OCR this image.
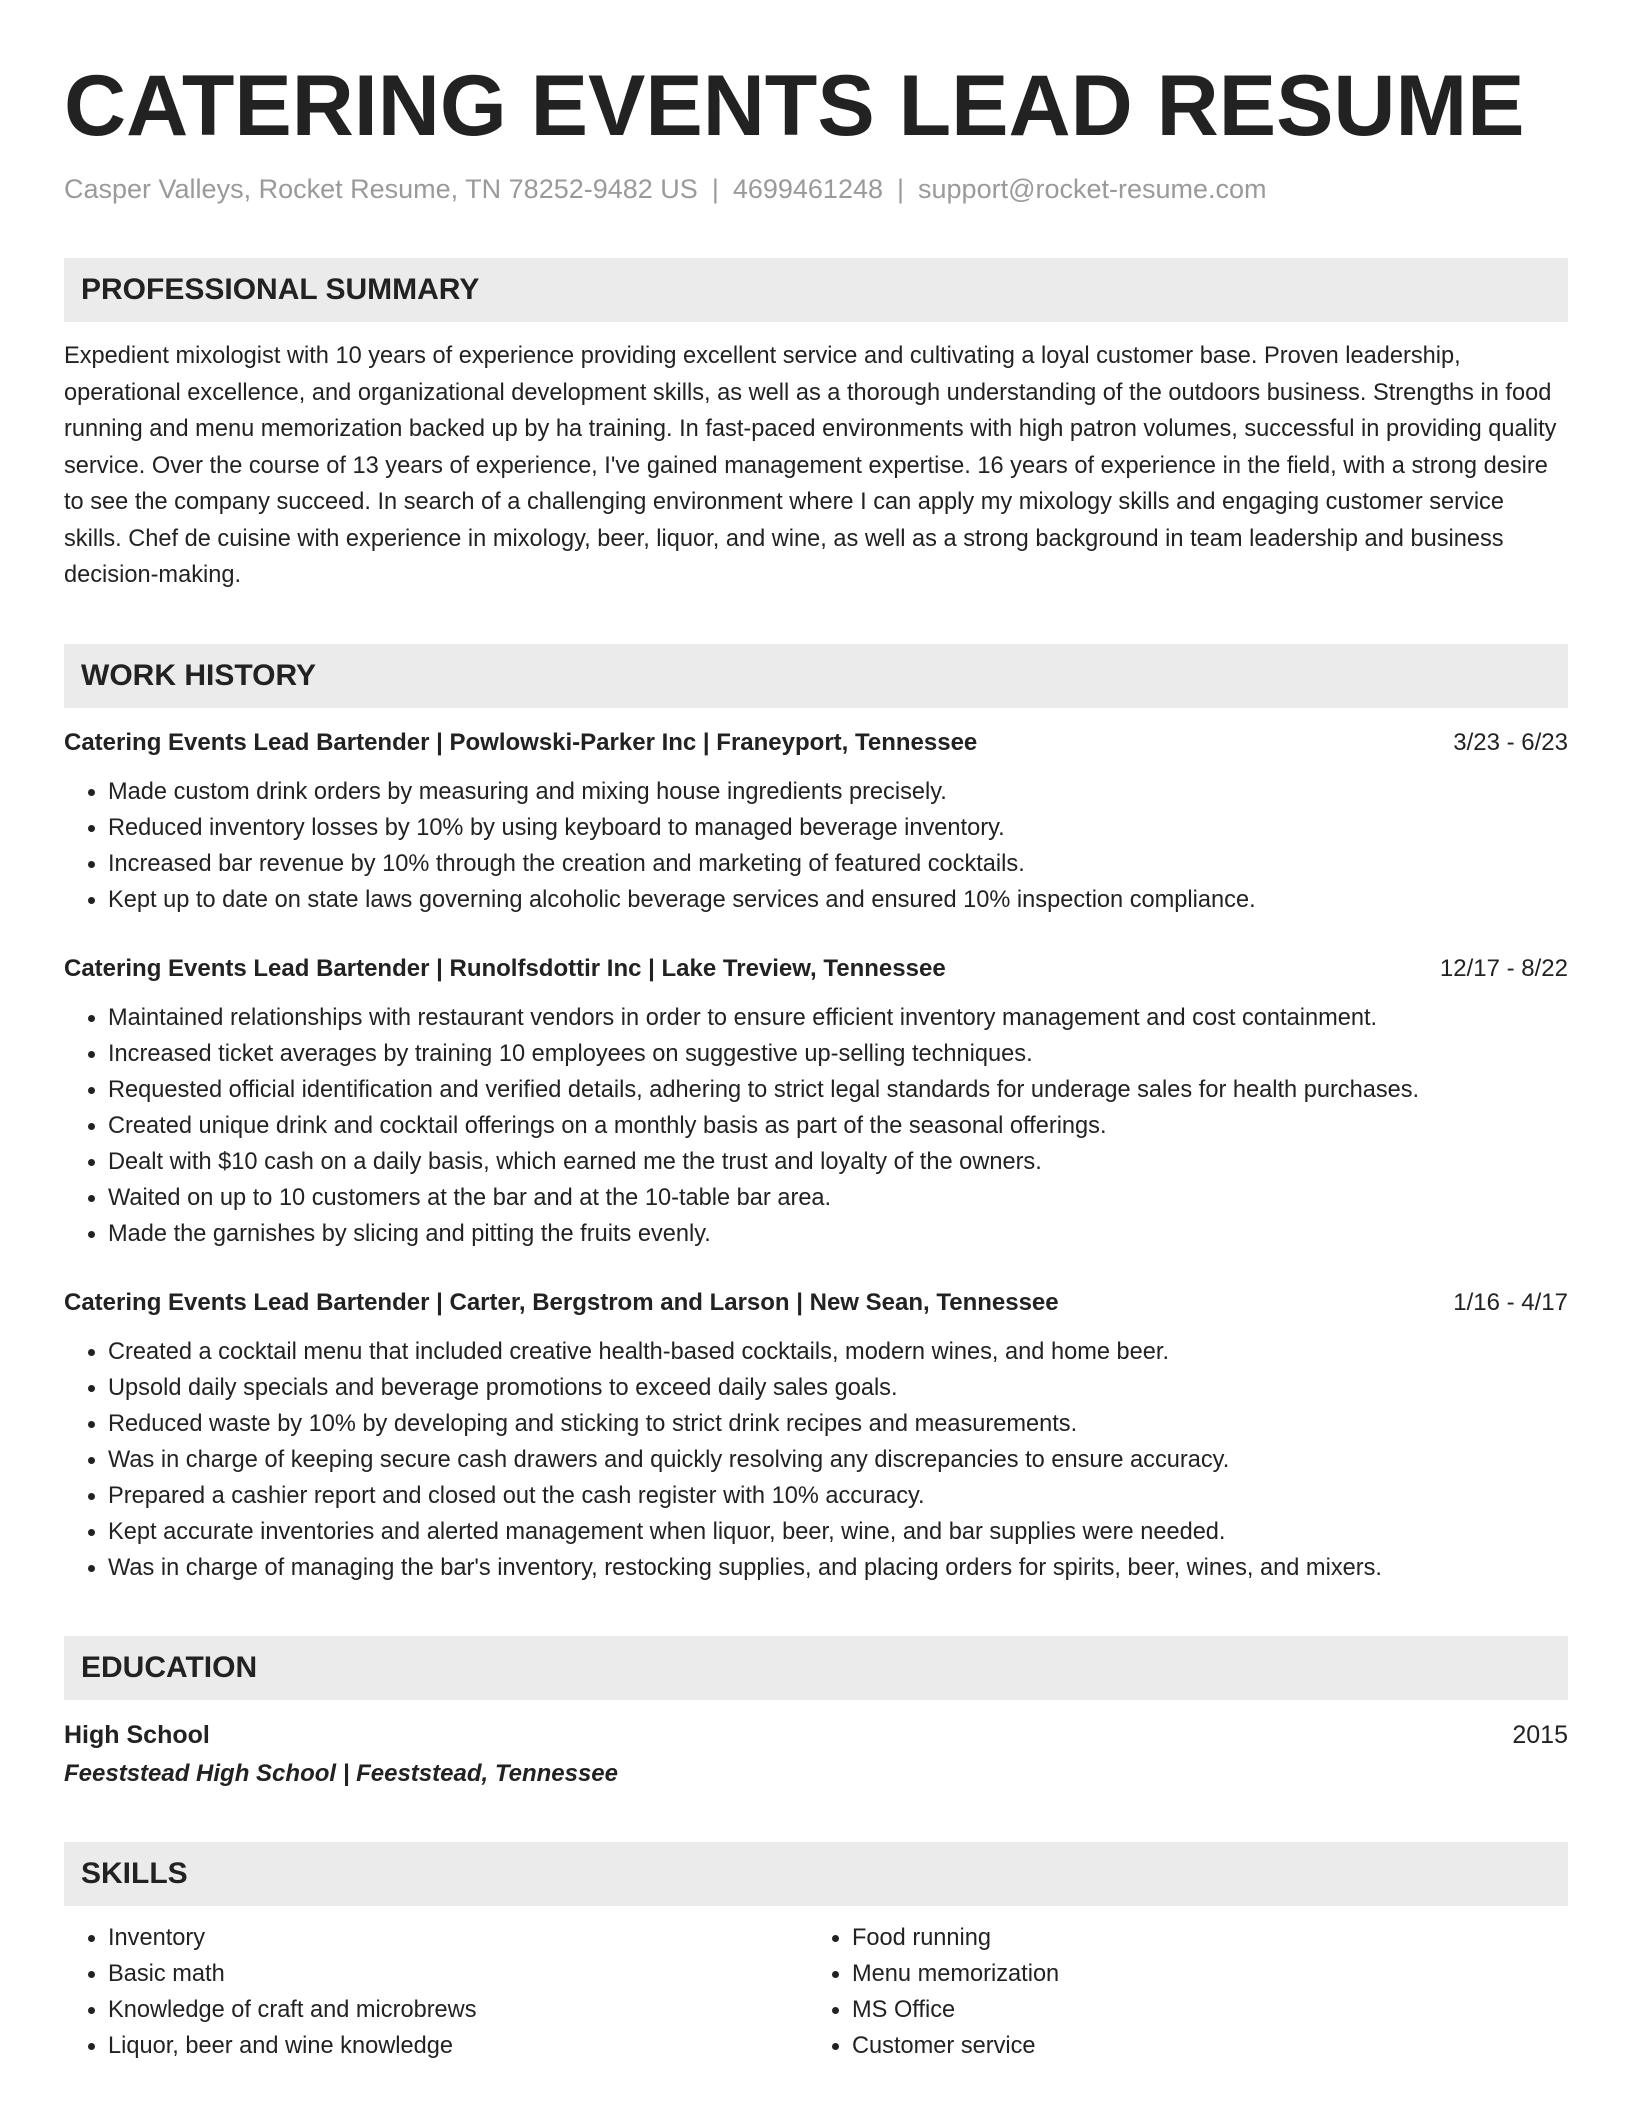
CATERING EVENTS LEAD RESUME
Casper Valleys, Rocket Resume, TN 78252-9482 US | 4699461248 | support@rocket-resume.com
PROFESSIONAL SUMMARY
Expedient mixologist with 10 years of experience providing excellent service and cultivating a loyal customer base. Proven leadership, operational excellence, and organizational development skills, as well as a thorough understanding of the outdoors business. Strengths in food running and menu memorization backed up by ha training. In fast-paced environments with high patron volumes, successful in providing quality service. Over the course of 13 years of experience, I've gained management expertise. 16 years of experience in the field, with a strong desire to see the company succeed. In search of a challenging environment where I can apply my mixology skills and engaging customer service skills. Chef de cuisine with experience in mixology, beer, liquor, and wine, as well as a strong background in team leadership and business decision-making.
WORK HISTORY
Catering Events Lead Bartender | Powlowski-Parker Inc | Franeyport, Tennessee	3/23 - 6/23
• Made custom drink orders by measuring and mixing house ingredients precisely.
• Reduced inventory losses by 10% by using keyboard to managed beverage inventory.
• Increased bar revenue by 10% through the creation and marketing of featured cocktails.
• Kept up to date on state laws governing alcoholic beverage services and ensured 10% inspection compliance.
Catering Events Lead Bartender | Runolfsdottir Inc | Lake Treview, Tennessee	12/17 - 8/22
• Maintained relationships with restaurant vendors in order to ensure efficient inventory management and cost containment.
• Increased ticket averages by training 10 employees on suggestive up-selling techniques.
• Requested official identification and verified details, adhering to strict legal standards for underage sales for health purchases.
• Created unique drink and cocktail offerings on a monthly basis as part of the seasonal offerings.
• Dealt with $10 cash on a daily basis, which earned me the trust and loyalty of the owners.
• Waited on up to 10 customers at the bar and at the 10-table bar area.
• Made the garnishes by slicing and pitting the fruits evenly.
Catering Events Lead Bartender | Carter, Bergstrom and Larson | New Sean, Tennessee	1/16 - 4/17
• Created a cocktail menu that included creative health-based cocktails, modern wines, and home beer.
• Upsold daily specials and beverage promotions to exceed daily sales goals.
• Reduced waste by 10% by developing and sticking to strict drink recipes and measurements.
• Was in charge of keeping secure cash drawers and quickly resolving any discrepancies to ensure accuracy.
• Prepared a cashier report and closed out the cash register with 10% accuracy.
• Kept accurate inventories and alerted management when liquor, beer, wine, and bar supplies were needed.
• Was in charge of managing the bar's inventory, restocking supplies, and placing orders for spirits, beer, wines, and mixers.
EDUCATION
High School	2015
Feeststead High School | Feeststead, Tennessee
SKILLS
• Inventory
• Basic math
• Knowledge of craft and microbrews
• Liquor, beer and wine knowledge
• Food running
• Menu memorization
• MS Office
• Customer service
